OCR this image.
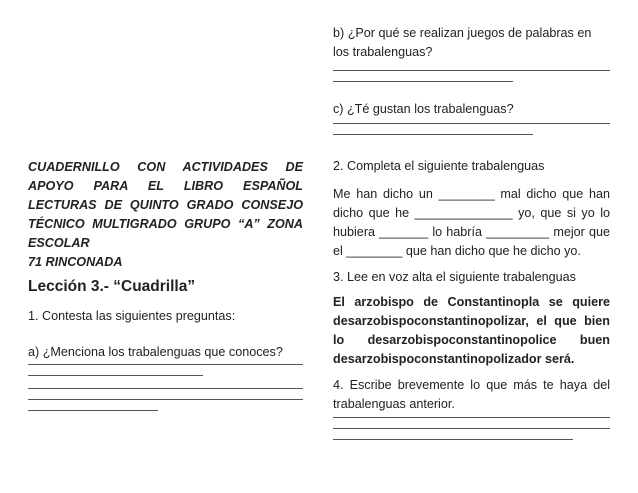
CUADERNILLO CON ACTIVIDADES DE APOYO PARA EL LIBRO ESPAÑOL LECTURAS DE QUINTO GRADO CONSEJO TÉCNICO MULTIGRADO GRUPO “A” ZONA ESCOLAR
71 RINCONADA

Lección 3.- “Cuadrilla”

1. Contesta las siguientes preguntas:

a) ¿Menciona los trabalenguas que conoces?

b) ¿Por qué se realizan juegos de palabras en los trabalenguas?

c) ¿Té gustan los trabalenguas?

2. Completa el siguiente trabalenguas

Me han dicho un ________ mal dicho que han dicho que he ______________ yo, que si yo lo hubiera _______ lo habría _________ mejor que el ________ que han dicho que he dicho yo.

3. Lee en voz alta el siguiente trabalenguas

El arzobispo de Constantinopla se quiere desarzobispoconstantinopolizar, el que bien lo desarzobispoconstantinopolice buen desarzobispoconstantinopolizador será.

4. Escribe brevemente lo que más te haya del trabalenguas anterior.
